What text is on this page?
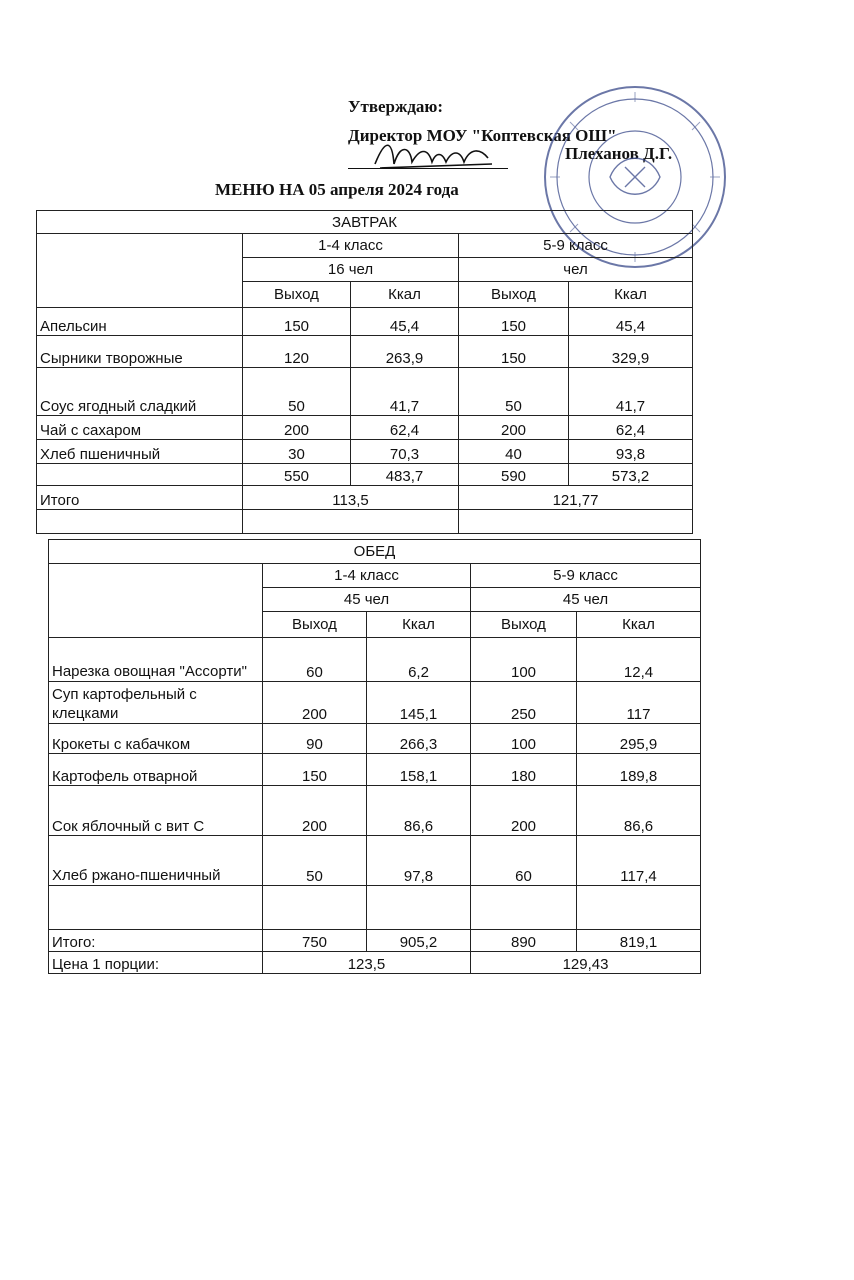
Утверждаю:
Директор МОУ "Коптевская ОШ"
Плеханов Д.Г.
МЕНЮ НА 05 апреля 2024 года
ЗАВТРАК				
	1-4 класс		5-9 класс	
	16 чел		чел	
	Выход	Ккал	Выход	Ккал
Апельсин	150	45,4	150	45,4
Сырники творожные	120	263,9	150	329,9
Соус ягодный сладкий	50	41,7	50	41,7
Чай с сахаром	200	62,4	200	62,4
Хлеб пшеничный	30	70,3	40	93,8
	550	483,7	590	573,2
Итого	113,5		121,77	

ОБЕД				
	1-4 класс		5-9 класс	
	45 чел		45 чел	
	Выход	Ккал	Выход	Ккал
Нарезка овощная "Ассорти"	60	6,2	100	12,4
Суп картофельный с клецками	200	145,1	250	117
Крокеты с кабачком	90	266,3	100	295,9
Картофель отварной	150	158,1	180	189,8
Сок яблочный с вит С	200	86,6	200	86,6
Хлеб ржано-пшеничный	50	97,8	60	117,4

Итого:	750	905,2	890	819,1
Цена 1 порции:	123,5		129,43	
